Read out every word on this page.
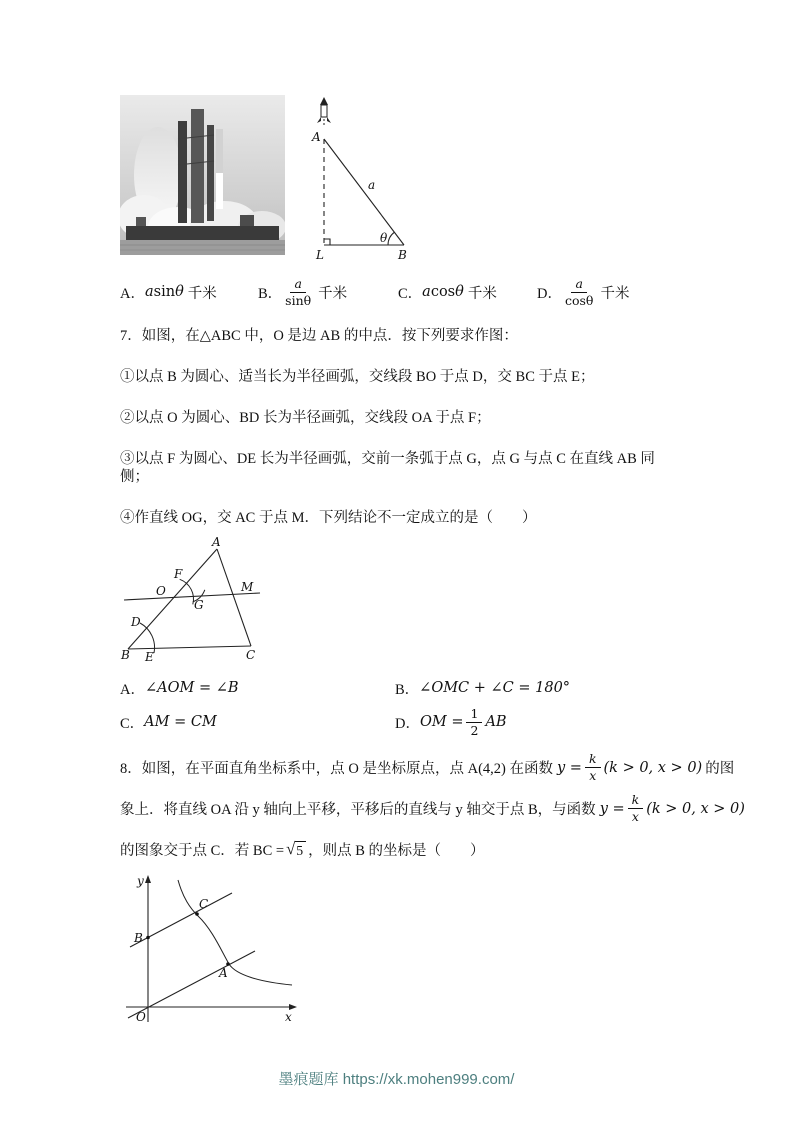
A
a
θ
L	B
A． a sin θ 千米	B． $\frac{a}{\sin\theta}$ 千米	C． a cos θ 千米	D． $\frac{a}{\cos\theta}$ 千米
7．如图，在△ABC 中，O 是边 AB 的中点．按下列要求作图：
①以点 B 为圆心、适当长为半径画弧，交线段 BO 于点 D，交 BC 于点 E；
②以点 O 为圆心、BD 长为半径画弧，交线段 OA 于点 F；
③以点 F 为圆心、DE 长为半径画弧，交前一条弧于点 G，点 G 与点 C 在直线 AB 同侧；
④作直线 OG，交 AC 于点 M．下列结论不一定成立的是（　　）
A
F
O	M
G
D
B E	C
A． ∠AOM = ∠B	B． ∠OMC + ∠C = 180°
C． AM = CM	D． OM = $\frac{1}{2}$ AB
8．如图，在平面直角坐标系中，点 O 是坐标原点，点 A(4,2) 在函数 $y = \frac{k}{x} (k > 0$, x > 0) 的图
象上．将直线 OA 沿 y 轴向上平移，平移后的直线与 y 轴交于点 B，与函数 $y = \frac{k}{x} (k > 0$, x > 0)
的图象交于点 C．若 BC = √ 5 ，则点 B 的坐标是（　　）
y
x
O
B
C
A
墨痕题库 https://xk.mohen999.com/
